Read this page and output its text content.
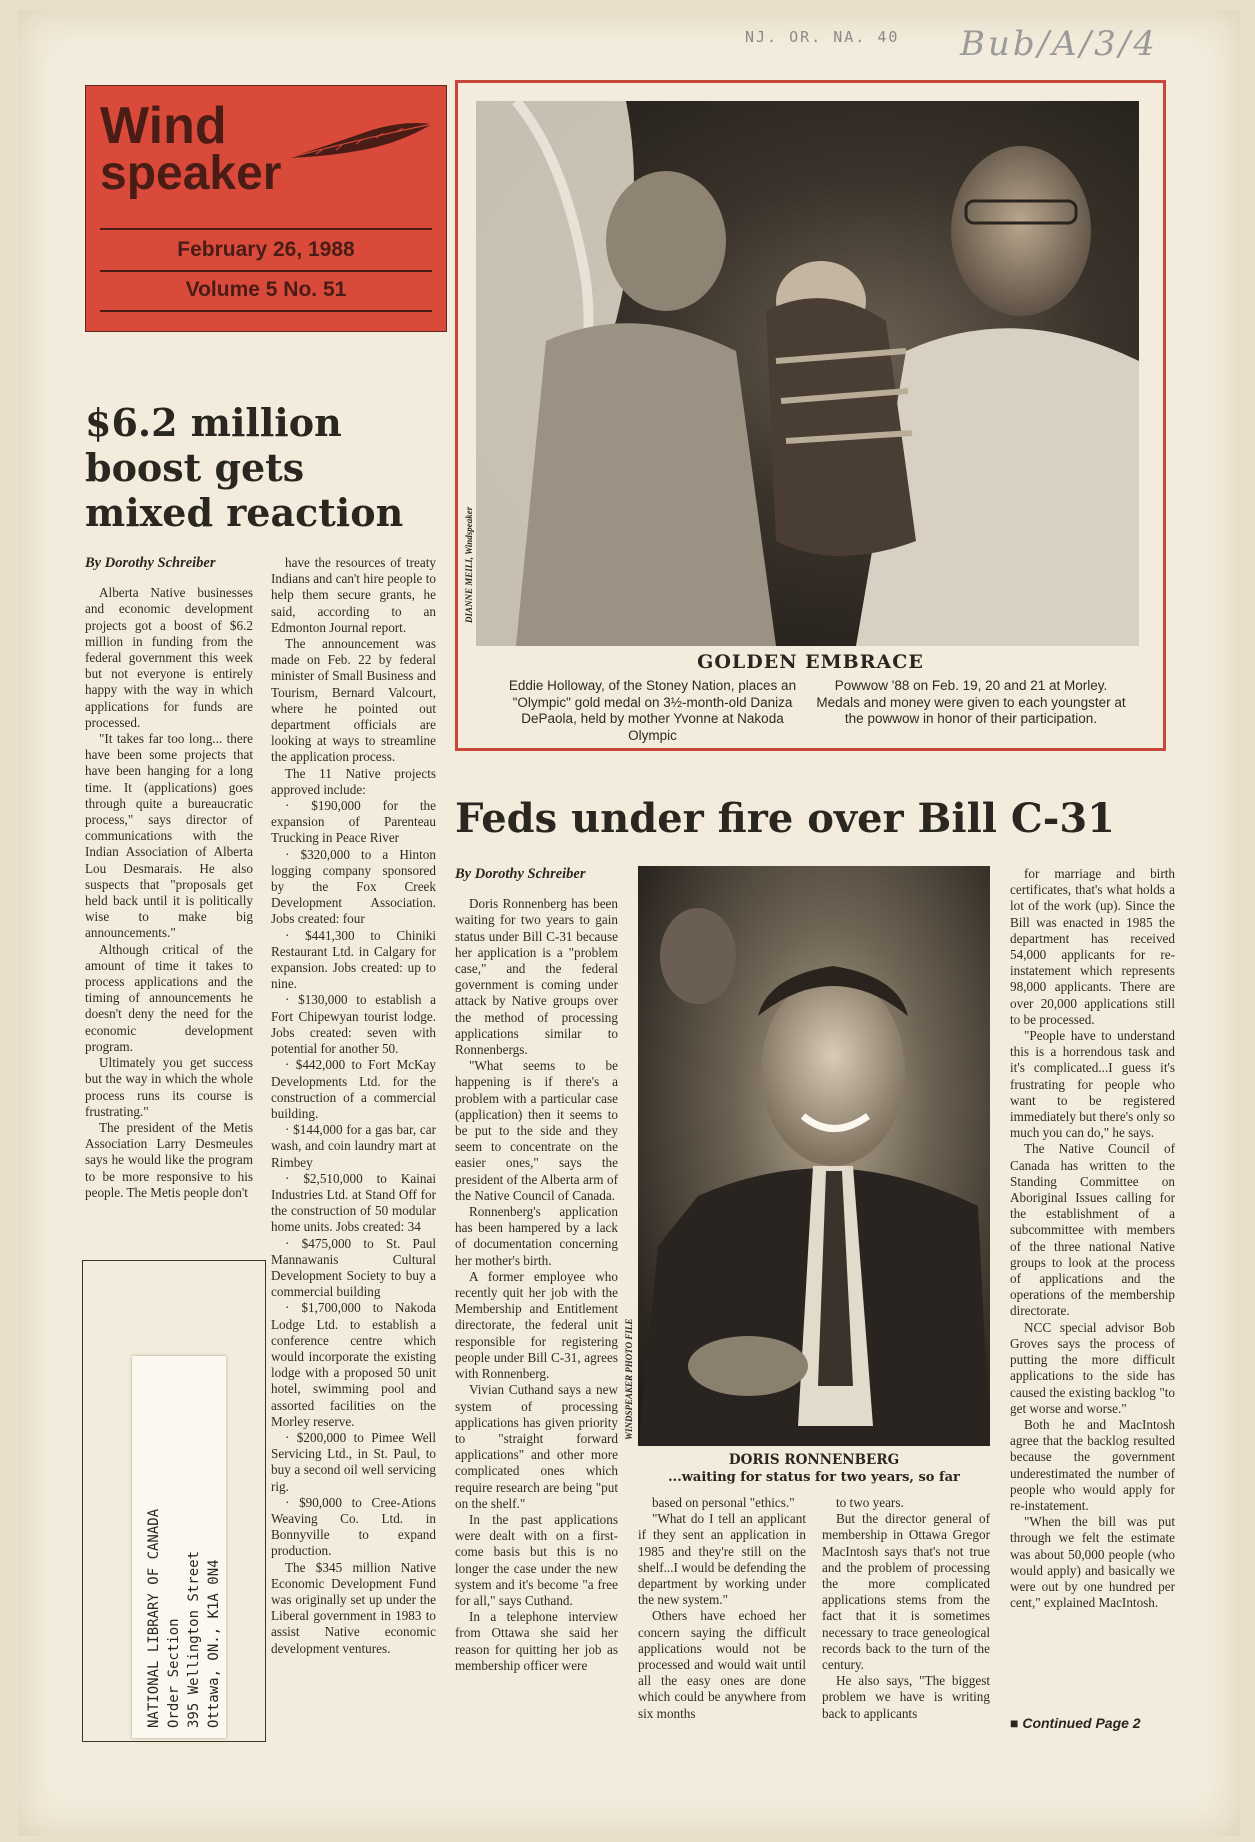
NJ. OR. NA. 40 Bub/A/3/4
Wind
speaker
February 26, 1988
Volume 5 No. 51
$6.2 million
boost gets
mixed reaction
By Dorothy Schreiber

Alberta Native businesses and economic development projects got a boost of $6.2 million in funding from the federal government this week but not everyone is entirely happy with the way in which applications for funds are processed.

"It takes far too long... there have been some projects that have been hanging for a long time. It (applications) goes through quite a bureaucratic process," says director of communications with the Indian Association of Alberta Lou Desmarais. He also suspects that "proposals get held back until it is politically wise to make big announcements."

Although critical of the amount of time it takes to process applications and the timing of announcements he doesn't deny the need for the economic development program.

Ultimately you get success but the way in which the whole process runs its course is frustrating."

The president of the Metis Association Larry Desmeules says he would like the program to be more responsive to his people. The Metis people don't

have the resources of treaty Indians and can't hire people to help them secure grants, he said, according to an Edmonton Journal report.

The announcement was made on Feb. 22 by federal minister of Small Business and Tourism, Bernard Valcourt, where he pointed out department officials are looking at ways to streamline the application process.

The 11 Native projects approved include:

· $190,000 for the expansion of Parenteau Trucking in Peace River

· $320,000 to a Hinton logging company sponsored by the Fox Creek Development Association. Jobs created: four

· $441,300 to Chiniki Restaurant Ltd. in Calgary for expansion. Jobs created: up to nine.

· $130,000 to establish a Fort Chipewyan tourist lodge. Jobs created: seven with potential for another 50.

· $442,000 to Fort McKay Developments Ltd. for the construction of a commercial building.

· $144,000 for a gas bar, car wash, and coin laundry mart at Rimbey

· $2,510,000 to Kainai Industries Ltd. at Stand Off for the construction of 50 modular home units. Jobs created: 34

· $475,000 to St. Paul Mannawanis Cultural Development Society to buy a commercial building

· $1,700,000 to Nakoda Lodge Ltd. to establish a conference centre which would incorporate the existing lodge with a proposed 50 unit hotel, swimming pool and assorted facilities on the Morley reserve.

· $200,000 to Pimee Well Servicing Ltd., in St. Paul, to buy a second oil well servicing rig.

· $90,000 to Cree-Ations Weaving Co. Ltd. in Bonnyville to expand production.

The $345 million Native Economic Development Fund was originally set up under the Liberal government in 1983 to assist Native economic development ventures.

NATIONAL LIBRARY OF CANADA Order Section 395 Wellington Street Ottawa, ON., K1A 0N4
DIANNE MEILI, Windspeaker
GOLDEN EMBRACE
Eddie Holloway, of the Stoney Nation, places an "Olympic" gold medal on 3½-month-old Daniza DePaola, held by mother Yvonne at Nakoda Olympic
Powwow '88 on Feb. 19, 20 and 21 at Morley. Medals and money were given to each youngster at the powwow in honor of their participation.
Feds under fire over Bill C-31
By Dorothy Schreiber

Doris Ronnenberg has been waiting for two years to gain status under Bill C-31 because her application is a "problem case," and the federal government is coming under attack by Native groups over the method of processing applications similar to Ronnenbergs.

"What seems to be happening is if there's a problem with a particular case (application) then it seems to be put to the side and they seem to concentrate on the easier ones," says the president of the Alberta arm of the Native Council of Canada.

Ronnenberg's application has been hampered by a lack of documentation concerning her mother's birth.

A former employee who recently quit her job with the Membership and Entitlement directorate, the federal unit responsible for registering people under Bill C-31, agrees with Ronnenberg.

Vivian Cuthand says a new system of processing applications has given priority to "straight forward applications" and other more complicated ones which require research are being "put on the shelf."

In the past applications were dealt with on a first-come basis but this is no longer the case under the new system and it's become "a free for all," says Cuthand.

In a telephone interview from Ottawa she said her reason for quitting her job as membership officer were

WINDSPEAKER PHOTO FILE
DORIS RONNENBERG
...waiting for status for two years, so far

based on personal "ethics."

"What do I tell an applicant if they sent an application in 1985 and they're still on the shelf...I would be defending the department by working under the new system."

Others have echoed her concern saying the difficult applications would not be processed and would wait until all the easy ones are done which could be anywhere from six months

to two years.

But the director general of membership in Ottawa Gregor MacIntosh says that's not true and the problem of processing the more complicated applications stems from the fact that it is sometimes necessary to trace geneological records back to the turn of the century.

He also says, "The biggest problem we have is writing back to applicants

for marriage and birth certificates, that's what holds a lot of the work (up). Since the Bill was enacted in 1985 the department has received 54,000 applicants for re-instatement which represents 98,000 applicants. There are over 20,000 applications still to be processed.

"People have to understand this is a horrendous task and it's complicated...I guess it's frustrating for people who want to be registered immediately but there's only so much you can do," he says.

The Native Council of Canada has written to the Standing Committee on Aboriginal Issues calling for the establishment of a subcommittee with members of the three national Native groups to look at the process of applications and the operations of the membership directorate.

NCC special advisor Bob Groves says the process of putting the more difficult applications to the side has caused the existing backlog "to get worse and worse."

Both he and MacIntosh agree that the backlog resulted because the government underestimated the number of people who would apply for re-instatement.

"When the bill was put through we felt the estimate was about 50,000 people (who would apply) and basically we were out by one hundred per cent," explained MacIntosh.

■ Continued Page 2
